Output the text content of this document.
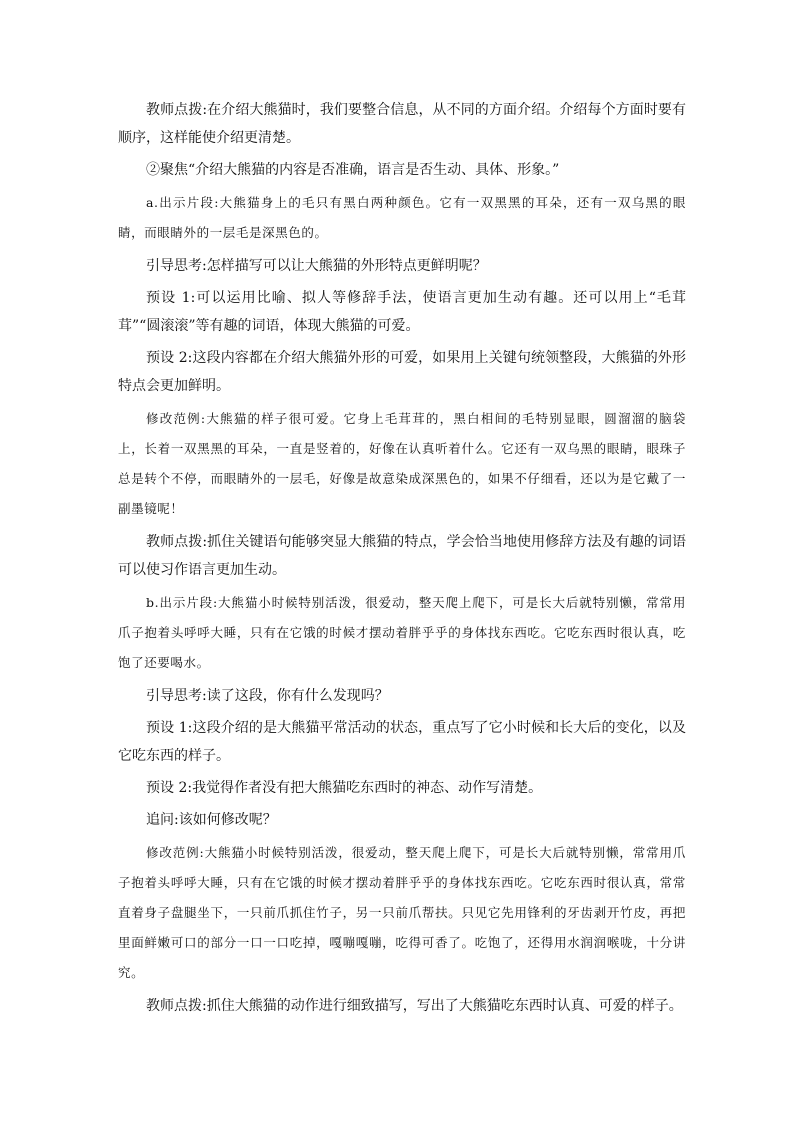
教师点拨:在介绍大熊猫时，我们要整合信息，从不同的方面介绍。介绍每个方面时要有顺序，这样能使介绍更清楚。

②聚焦“介绍大熊猫的内容是否准确，语言是否生动、具体、形象。”

a.出示片段:大熊猫身上的毛只有黑白两种颜色。它有一双黑黑的耳朵，还有一双乌黑的眼睛，而眼睛外的一层毛是深黑色的。

引导思考:怎样描写可以让大熊猫的外形特点更鲜明呢？

预设 1:可以运用比喻、拟人等修辞手法，使语言更加生动有趣。还可以用上“毛茸茸”“圆滚滚”等有趣的词语，体现大熊猫的可爱。

预设 2:这段内容都在介绍大熊猫外形的可爱，如果用上关键句统领整段，大熊猫的外形特点会更加鲜明。

修改范例:大熊猫的样子很可爱。它身上毛茸茸的，黑白相间的毛特别显眼，圆溜溜的脑袋上，长着一双黑黑的耳朵，一直是竖着的，好像在认真听着什么。它还有一双乌黑的眼睛，眼珠子总是转个不停，而眼睛外的一层毛，好像是故意染成深黑色的，如果不仔细看，还以为是它戴了一副墨镜呢！

教师点拨:抓住关键语句能够突显大熊猫的特点，学会恰当地使用修辞方法及有趣的词语可以使习作语言更加生动。

b.出示片段:大熊猫小时候特别活泼，很爱动，整天爬上爬下，可是长大后就特别懒，常常用爪子抱着头呼呼大睡，只有在它饿的时候才摆动着胖乎乎的身体找东西吃。它吃东西时很认真，吃饱了还要喝水。

引导思考:读了这段，你有什么发现吗？

预设 1:这段介绍的是大熊猫平常活动的状态，重点写了它小时候和长大后的变化，以及它吃东西的样子。

预设 2:我觉得作者没有把大熊猫吃东西时的神态、动作写清楚。

追问:该如何修改呢？

修改范例:大熊猫小时候特别活泼，很爱动，整天爬上爬下，可是长大后就特别懒，常常用爪子抱着头呼呼大睡，只有在它饿的时候才摆动着胖乎乎的身体找东西吃。它吃东西时很认真，常常直着身子盘腿坐下，一只前爪抓住竹子，另一只前爪帮扶。只见它先用锋利的牙齿剥开竹皮，再把里面鲜嫩可口的部分一口一口吃掉，嘎嘣嘎嘣，吃得可香了。吃饱了，还得用水润润喉咙，十分讲究。

教师点拨:抓住大熊猫的动作进行细致描写，写出了大熊猫吃东西时认真、可爱的样子。
